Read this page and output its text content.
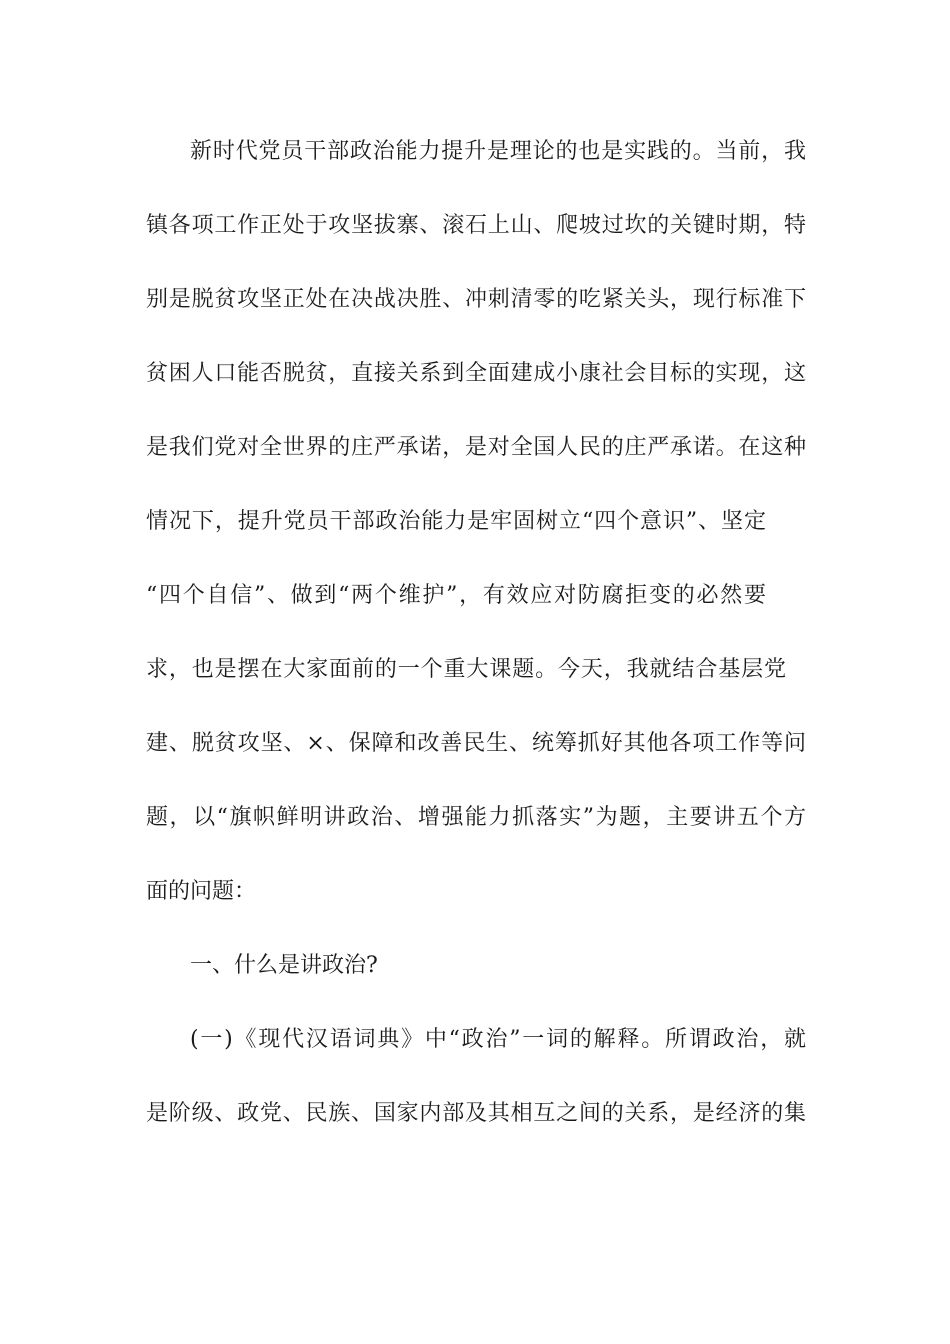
新时代党员干部政治能力提升是理论的也是实践的。当前，我
镇各项工作正处于攻坚拔寨、滚石上山、爬坡过坎的关键时期，特
别是脱贫攻坚正处在决战决胜、冲刺清零的吃紧关头，现行标准下
贫困人口能否脱贫，直接关系到全面建成小康社会目标的实现，这
是我们党对全世界的庄严承诺，是对全国人民的庄严承诺。在这种
情况下，提升党员干部政治能力是牢固树立“四个意识”、坚定
“四个自信”、做到“两个维护”，有效应对防腐拒变的必然要
求，也是摆在大家面前的一个重大课题。今天，我就结合基层党
建、脱贫攻坚、×、保障和改善民生、统筹抓好其他各项工作等问
题，以“旗帜鲜明讲政治、增强能力抓落实”为题，主要讲五个方
面的问题：
一、什么是讲政治?
(一)《现代汉语词典》中“政治”一词的解释。所谓政治，就
是阶级、政党、民族、国家内部及其相互之间的关系，是经济的集
